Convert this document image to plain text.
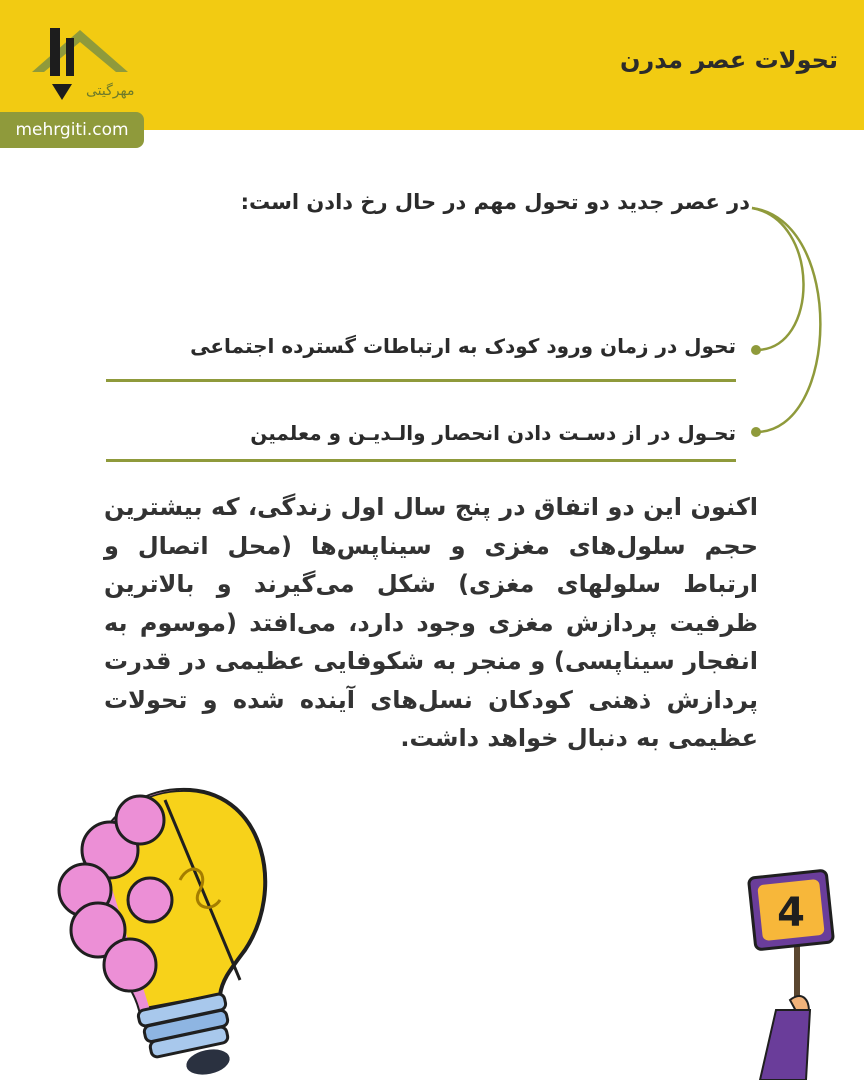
مهرگیتی
تحولات عصر مدرن
mehrgiti.com
در عصر جدید دو تحول مهم در حال رخ دادن است:
تحول در زمان ورود کودک به ارتباطات گسترده اجتماعی
تحـول در از دسـت دادن انحصار والـدیـن و معلمین
اکنون این دو اتفاق در پنج سال اول زندگی، که بیشترین حجم سلول‌های مغزی و سیناپس‌ها (محل اتصال و ارتباط سلولهای مغزی) شکل می‌گیرند و بالاترین ظرفیت پردازش مغزی وجود دارد، می‌افتد (موسوم به انفجار سیناپسی) و منجر به شکوفایی عظیمی در قدرت پردازش ذهنی کودکان نسل‌های آینده شده و تحولات عظیمی به دنبال خواهد داشت.
4
